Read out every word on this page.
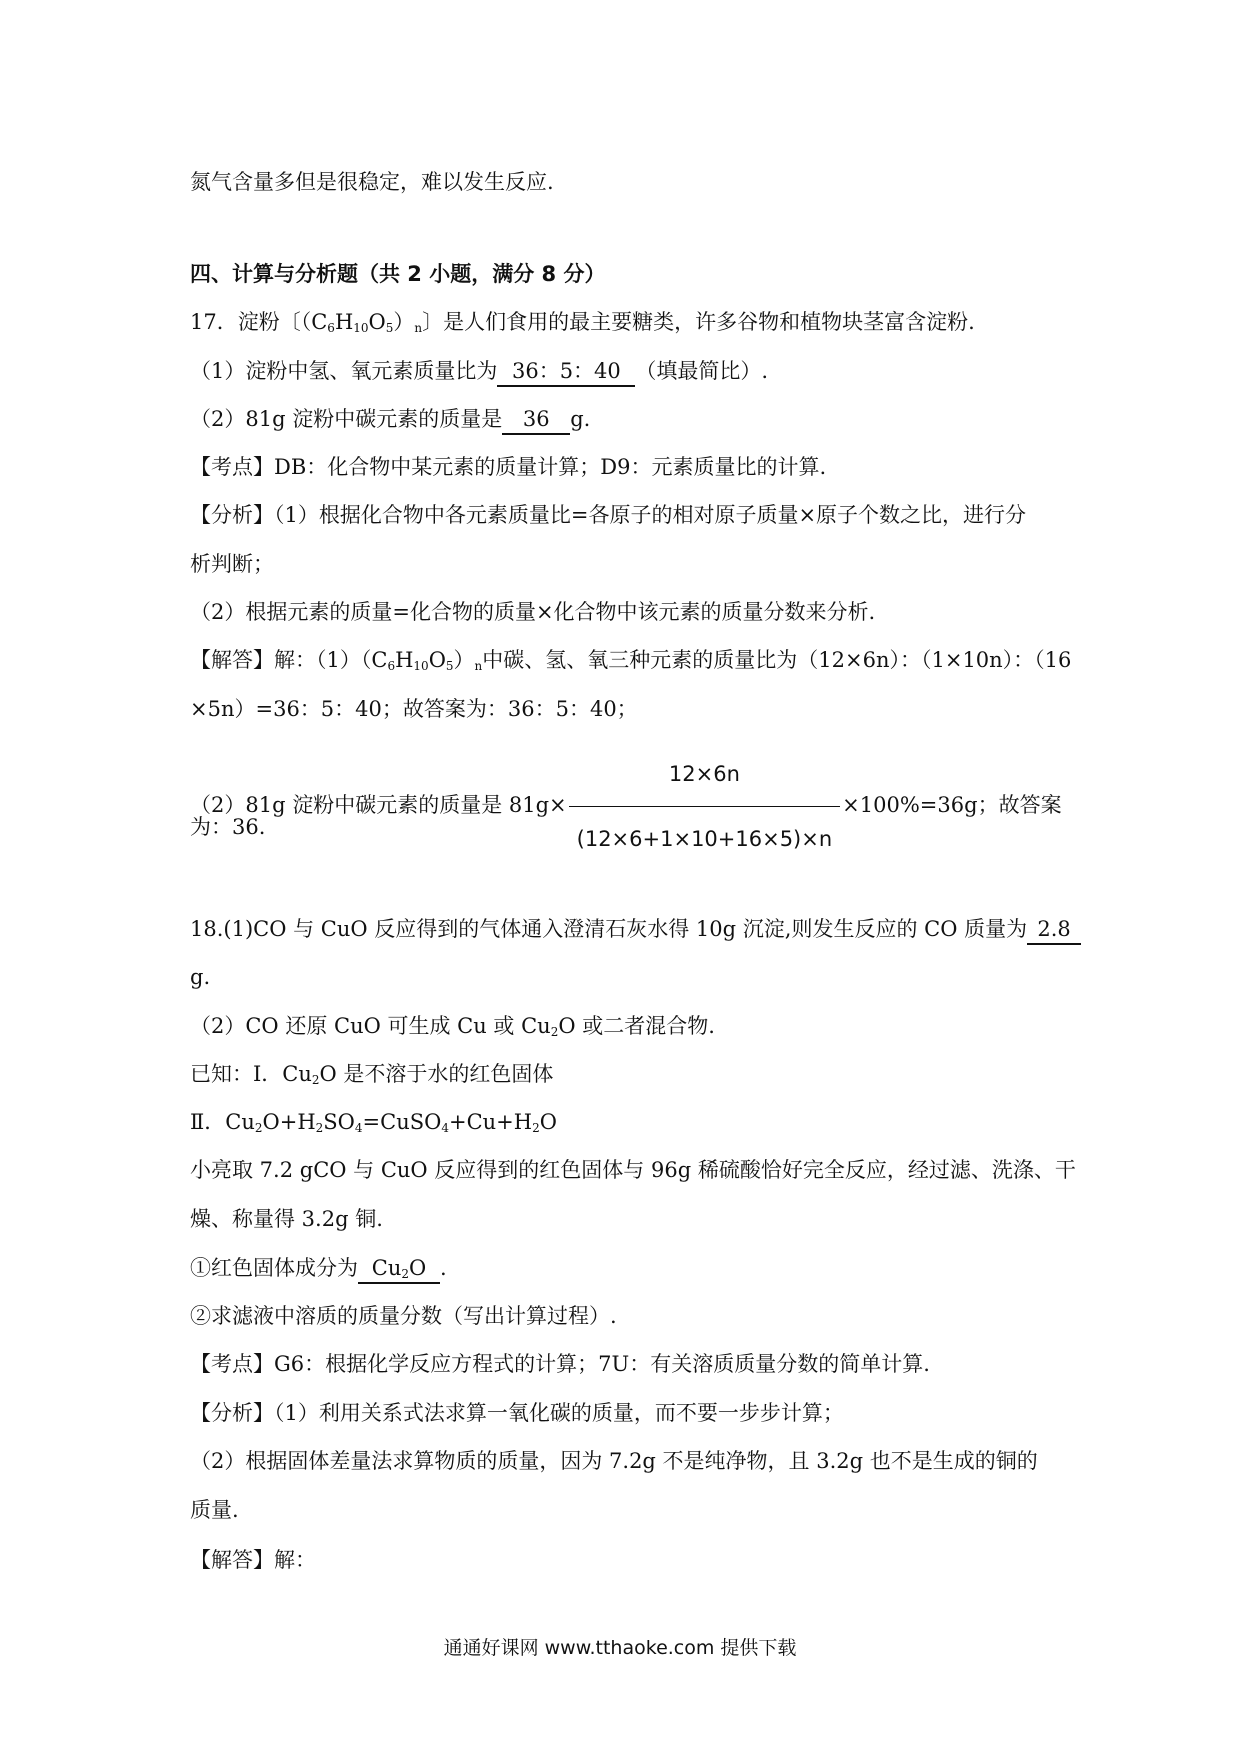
氮气含量多但是很稳定，难以发生反应.
四、计算与分析题（共 2 小题，满分 8 分）
17．淀粉〔$(C_6H_{10}O_5)_n$〕是人们食用的最主要糖类，许多谷物和植物块茎富含淀粉.
（1）淀粉中氢、氧元素质量比为 36：5：40 （填最简比）.
（2）81g 淀粉中碳元素的质量是 36 g.
【考点】DB：化合物中某元素的质量计算；D9：元素质量比的计算.
【分析】（1）根据化合物中各元素质量比=各原子的相对原子质量×原子个数之比，进行分
析判断；
（2）根据元素的质量=化合物的质量×化合物中该元素的质量分数来分析.
【解答】解：$(1)(C_6H_{10}O_5)_n$中碳、氢、氧三种元素的质量比为（12×6n）：（1×10n）：（16
×5n）=36：5：40；故答案为：36：5：40；
（2）81g 淀粉中碳元素的质量是 $81g\times \frac{12\times 6n}{(12\times 6+1\times 10+16\times 5)\times n} \times 100\%=36g$；故答案
为：36.
18.(1)CO 与 CuO 反应得到的气体通入澄清石灰水得 10g 沉淀,则发生反应的 CO 质量为 2.8
g.
（2）CO 还原 CuO 可生成 Cu 或 $Cu_2O$ 或二者混合物.
已知：Ⅰ．$Cu_2O$ 是不溶于水的红色固体
Ⅱ．$Cu_2O+H_2SO_4=CuSO_4+Cu+H_2O$
小亮取 7.2 gCO 与 CuO 反应得到的红色固体与 96g 稀硫酸恰好完全反应，经过滤、洗涤、干
燥、称量得 3.2g 铜.
①红色固体成分为 $Cu_2O$ .
②求滤液中溶质的质量分数（写出计算过程）.
【考点】G6：根据化学反应方程式的计算；7U：有关溶质质量分数的简单计算.
【分析】（1）利用关系式法求算一氧化碳的质量，而不要一步步计算；
（2）根据固体差量法求算物质的质量，因为 7.2g 不是纯净物，且 3.2g 也不是生成的铜的
质量.
【解答】解：
通通好课网 www.tthaoke.com 提供下载
